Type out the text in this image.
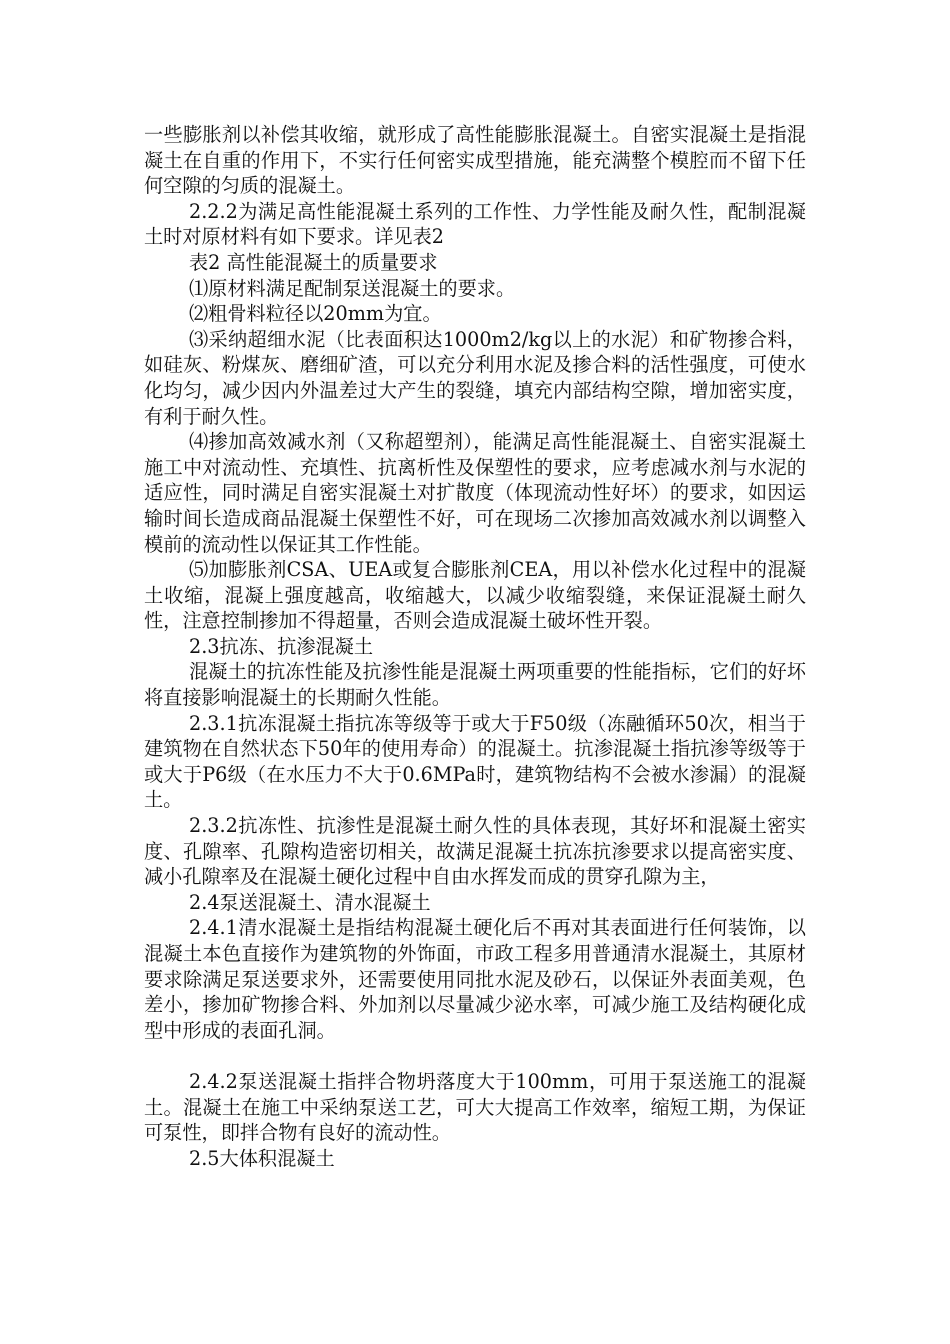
一些膨胀剂以补偿其收缩，就形成了高性能膨胀混凝土。自密实混凝土是指混凝土在自重的作用下，不实行任何密实成型措施，能充满整个模腔而不留下任何空隙的匀质的混凝土。

2.2.2为满足高性能混凝土系列的工作性、力学性能及耐久性，配制混凝土时对原材料有如下要求。详见表2

表2 高性能混凝土的质量要求

⑴原材料满足配制泵送混凝土的要求。

⑵粗骨料粒径以20mm为宜。

⑶采纳超细水泥（比表面积达1000m2/kg以上的水泥）和矿物掺合料，如硅灰、粉煤灰、磨细矿渣，可以充分利用水泥及掺合料的活性强度，可使水化均匀，减少因内外温差过大产生的裂缝，填充内部结构空隙，增加密实度，有利于耐久性。

⑷掺加高效减水剂（又称超塑剂），能满足高性能混凝土、自密实混凝土施工中对流动性、充填性、抗离析性及保塑性的要求，应考虑减水剂与水泥的适应性，同时满足自密实混凝土对扩散度（体现流动性好坏）的要求，如因运输时间长造成商品混凝土保塑性不好，可在现场二次掺加高效减水剂以调整入模前的流动性以保证其工作性能。

⑸加膨胀剂CSA、UEA或复合膨胀剂CEA，用以补偿水化过程中的混凝土收缩，混凝上强度越高，收缩越大，以减少收缩裂缝，来保证混凝土耐久性，注意控制掺加不得超量，否则会造成混凝土破坏性开裂。

2.3抗冻、抗渗混凝土

混凝土的抗冻性能及抗渗性能是混凝土两项重要的性能指标，它们的好坏将直接影响混凝土的长期耐久性能。

2.3.1抗冻混凝土指抗冻等级等于或大于F50级（冻融循环50次，相当于建筑物在自然状态下50年的使用寿命）的混凝土。抗渗混凝土指抗渗等级等于或大于P6级（在水压力不大于0.6MPa时，建筑物结构不会被水渗漏）的混凝土。

2.3.2抗冻性、抗渗性是混凝土耐久性的具体表现，其好坏和混凝土密实度、孔隙率、孔隙构造密切相关，故满足混凝土抗冻抗渗要求以提高密实度、减小孔隙率及在混凝土硬化过程中自由水挥发而成的贯穿孔隙为主，

2.4泵送混凝土、清水混凝土

2.4.1清水混凝土是指结构混凝土硬化后不再对其表面进行任何装饰，以混凝土本色直接作为建筑物的外饰面，市政工程多用普通清水混凝土，其原材要求除满足泵送要求外，还需要使用同批水泥及砂石，以保证外表面美观，色差小，掺加矿物掺合料、外加剂以尽量减少泌水率，可减少施工及结构硬化成型中形成的表面孔洞。

2.4.2泵送混凝土指拌合物坍落度大于100mm，可用于泵送施工的混凝土。混凝土在施工中采纳泵送工艺，可大大提高工作效率，缩短工期，为保证可泵性，即拌合物有良好的流动性。

2.5大体积混凝土
